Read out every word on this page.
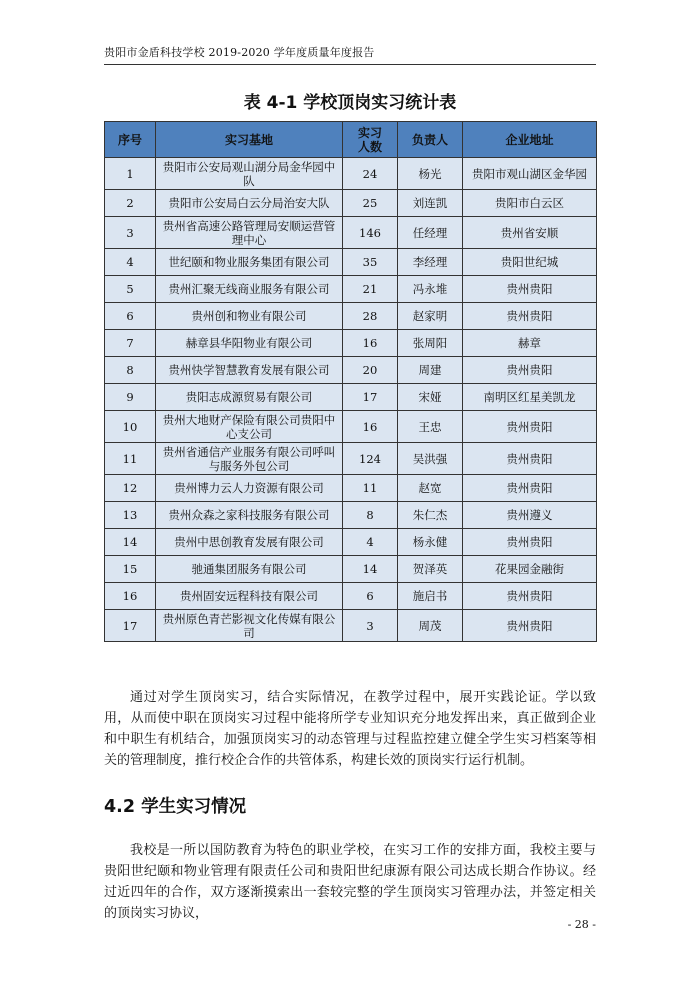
贵阳市金盾科技学校 2019-2020 学年度质量年度报告
表 4-1 学校顶岗实习统计表
序号	实习基地	实习人数	负责人	企业地址
1	贵阳市公安局观山湖分局金华园中队	24	杨光	贵阳市观山湖区金华园
2	贵阳市公安局白云分局治安大队	25	刘连凯	贵阳市白云区
3	贵州省高速公路管理局安顺运营管理中心	146	任经理	贵州省安顺
4	世纪颐和物业服务集团有限公司	35	李经理	贵阳世纪城
5	贵州汇聚无线商业服务有限公司	21	冯永堆	贵州贵阳
6	贵州创和物业有限公司	28	赵家明	贵州贵阳
7	赫章县华阳物业有限公司	16	张周阳	赫章
8	贵州快学智慧教育发展有限公司	20	周建	贵州贵阳
9	贵阳志成源贸易有限公司	17	宋娅	南明区红星美凯龙
10	贵州大地财产保险有限公司贵阳中心支公司	16	王忠	贵州贵阳
11	贵州省通信产业服务有限公司呼叫与服务外包公司	124	吴洪强	贵州贵阳
12	贵州博力云人力资源有限公司	11	赵宽	贵州贵阳
13	贵州众森之家科技服务有限公司	8	朱仁杰	贵州遵义
14	贵州中思创教育发展有限公司	4	杨永健	贵州贵阳
15	驰通集团服务有限公司	14	贺泽英	花果园金融街
16	贵州固安远程科技有限公司	6	施启书	贵州贵阳
17	贵州原色青芒影视文化传媒有限公司	3	周茂	贵州贵阳
通过对学生顶岗实习，结合实际情况，在教学过程中，展开实践论证。学以致用，从而使中职在顶岗实习过程中能将所学专业知识充分地发挥出来，真正做到企业和中职生有机结合，加强顶岗实习的动态管理与过程监控建立健全学生实习档案等相关的管理制度，推行校企合作的共管体系，构建长效的顶岗实行运行机制。
4.2 学生实习情况
我校是一所以国防教育为特色的职业学校，在实习工作的安排方面，我校主要与贵阳世纪颐和物业管理有限责任公司和贵阳世纪康源有限公司达成长期合作协议。经过近四年的合作，双方逐渐摸索出一套较完整的学生顶岗实习管理办法，并签定相关的顶岗实习协议，
- 28 -
